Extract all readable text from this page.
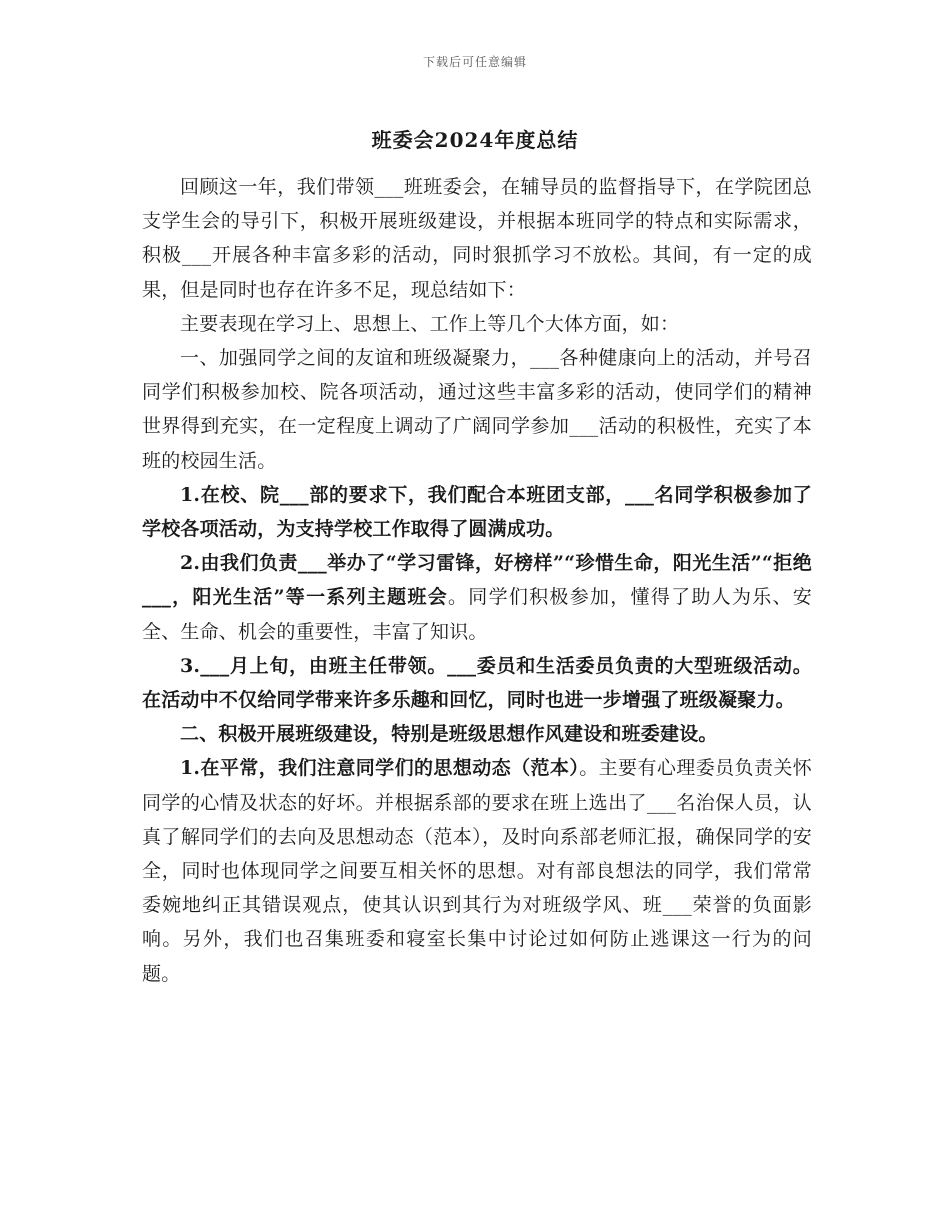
下载后可任意编辑
班委会2024年度总结

回顾这一年，我们带领___班班委会，在辅导员的监督指导下，在学院团总支学生会的导引下，积极开展班级建设，并根据本班同学的特点和实际需求，积极___开展各种丰富多彩的活动，同时狠抓学习不放松。其间，有一定的成果，但是同时也存在许多不足，现总结如下：

主要表现在学习上、思想上、工作上等几个大体方面，如：

一、加强同学之间的友谊和班级凝聚力，___各种健康向上的活动，并号召同学们积极参加校、院各项活动，通过这些丰富多彩的活动，使同学们的精神世界得到充实，在一定程度上调动了广阔同学参加___活动的积极性，充实了本班的校园生活。

1.在校、院___部的要求下，我们配合本班团支部，___名同学积极参加了学校各项活动，为支持学校工作取得了圆满成功。

2.由我们负责___举办了“学习雷锋，好榜样”“珍惜生命，阳光生活”“拒绝___，阳光生活”等一系列主题班会。同学们积极参加，懂得了助人为乐、安全、生命、机会的重要性，丰富了知识。

3.___月上旬，由班主任带领。___委员和生活委员负责的大型班级活动。在活动中不仅给同学带来许多乐趣和回忆，同时也进一步增强了班级凝聚力。

二、积极开展班级建设，特别是班级思想作风建设和班委建设。

1.在平常，我们注意同学们的思想动态（范本）。主要有心理委员负责关怀同学的心情及状态的好坏。并根据系部的要求在班上选出了___名治保人员，认真了解同学们的去向及思想动态（范本），及时向系部老师汇报，确保同学的安全，同时也体现同学之间要互相关怀的思想。对有部良想法的同学，我们常常委婉地纠正其错误观点，使其认识到其行为对班级学风、班___荣誉的负面影响。另外，我们也召集班委和寝室长集中讨论过如何防止逃课这一行为的问题。
